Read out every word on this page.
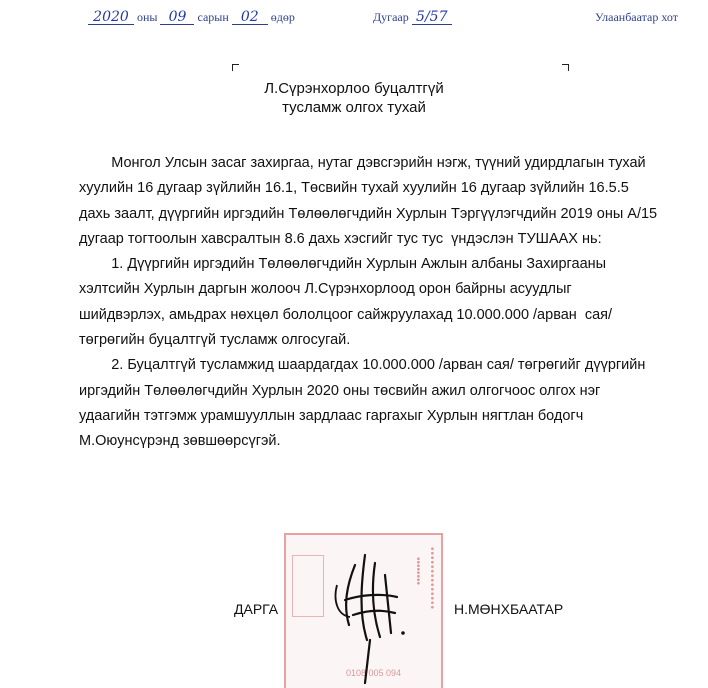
2020 оны 09 сарын 02 өдөр	Дугаар 5/57	Улаанбаатар хот
Л.Сүрэнхорлоо буцалтгүй
тусламж олгох тухай
Монгол Улсын засаг захиргаа, нутаг дэвсгэрийн нэгж, түүний удирдлагын тухай
хуулийн 16 дугаар зүйлийн 16.1, Төсвийн тухай хуулийн 16 дугаар зүйлийн 16.5.5
дахь заалт, дүүргийн иргэдийн Төлөөлөгчдийн Хурлын Тэргүүлэгчдийн 2019 оны А/15
дугаар тогтоолын хавсралтын 8.6 дахь хэсгийг тус тус  үндэслэн ТУШААХ нь:
1. Дүүргийн иргэдийн Төлөөлөгчдийн Хурлын Ажлын албаны Захиргааны
хэлтсийн Хурлын даргын жолооч Л.Сүрэнхорлоод орон байрны асуудлыг
шийдвэрлэх, амьдрах нөхцөл бололцоог сайжруулахад 10.000.000 /арван  сая/
төгрөгийн буцалтгүй тусламж олгосугай.
2. Буцалтгүй тусламжид шаардагдах 10.000.000 /арван сая/ төгрөгийг дүүргийн
иргэдийн Төлөөлөгчдийн Хурлын 2020 оны төсвийн ажил олгогчоос олгох нэг
удаагийн тэтгэмж урамшууллын зардлаас гаргахыг Хурлын нягтлан бодогч
М.Оюунсүрэнд зөвшөөрсүгэй.
••••••••••••••
••••••••
0108 005 094
ДАРГА	Н.МӨНХБААТАР
